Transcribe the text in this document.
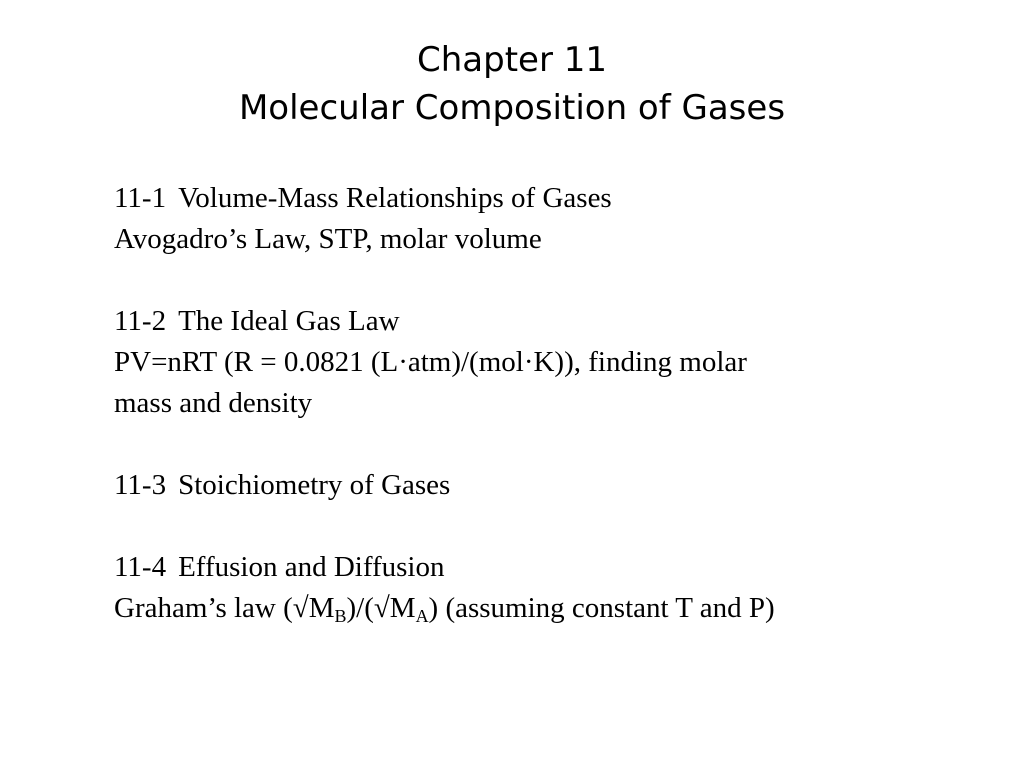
Chapter 11
Molecular Composition of Gases
11-1 Volume-Mass Relationships of Gases
Avogadro’s Law, STP, molar volume
11-2 The Ideal Gas Law
PV=nRT (R = 0.0821 (L·atm)/(mol·K)), finding molar
mass and density
11-3 Stoichiometry of Gases
11-4 Effusion and Diffusion
Graham’s law $(√M_B)/(√M_A)$ (assuming constant T and P)
